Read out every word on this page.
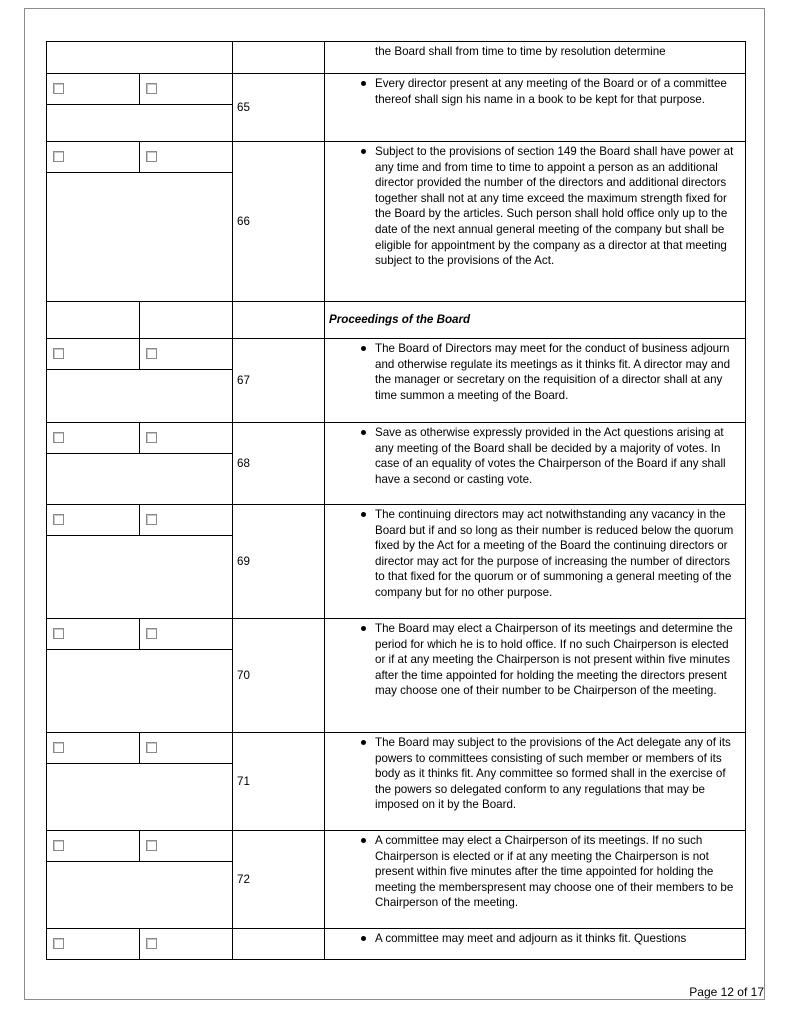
			the Board shall from time to time by resolution determine

	65	Every director present at any meeting of the Board or of a committee thereof shall sign his name in a book to be kept for that purpose.

	66	Subject to the provisions of section 149 the Board shall have power at any time and from time to time to appoint a person as an additional director provided the number of the directors and additional directors together shall not at any time exceed the maximum strength fixed for the Board by the articles. Such person shall hold office only up to the date of the next annual general meeting of the company but shall be eligible for appointment by the company as a director at that meeting subject to the provisions of the Act.

			Proceedings of the Board

	67	The Board of Directors may meet for the conduct of business adjourn and otherwise regulate its meetings as it thinks fit. A director may and the manager or secretary on the requisition of a director shall at any time summon a meeting of the Board.

	68	Save as otherwise expressly provided in the Act questions arising at any meeting of the Board shall be decided by a majority of votes. In case of an equality of votes the Chairperson of the Board if any shall have a second or casting vote.

	69	The continuing directors may act notwithstanding any vacancy in the Board but if and so long as their number is reduced below the quorum fixed by the Act for a meeting of the Board the continuing directors or director may act for the purpose of increasing the number of directors to that fixed for the quorum or of summoning a general meeting of the company but for no other purpose.

	70	The Board may elect a Chairperson of its meetings and determine the period for which he is to hold office. If no such Chairperson is elected or if at any meeting the Chairperson is not present within five minutes after the time appointed for holding the meeting the directors present may choose one of their number to be Chairperson of the meeting.

	71	The Board may subject to the provisions of the Act delegate any of its powers to committees consisting of such member or members of its body as it thinks fit. Any committee so formed shall in the exercise of the powers so delegated conform to any regulations that may be imposed on it by the Board.

	72	A committee may elect a Chairperson of its meetings. If no such Chairperson is elected or if at any meeting the Chairperson is not present within five minutes after the time appointed for holding the meeting the memberspresent may choose one of their members to be Chairperson of the meeting.

			A committee may meet and adjourn as it thinks fit. Questions
Page 12 of 17
